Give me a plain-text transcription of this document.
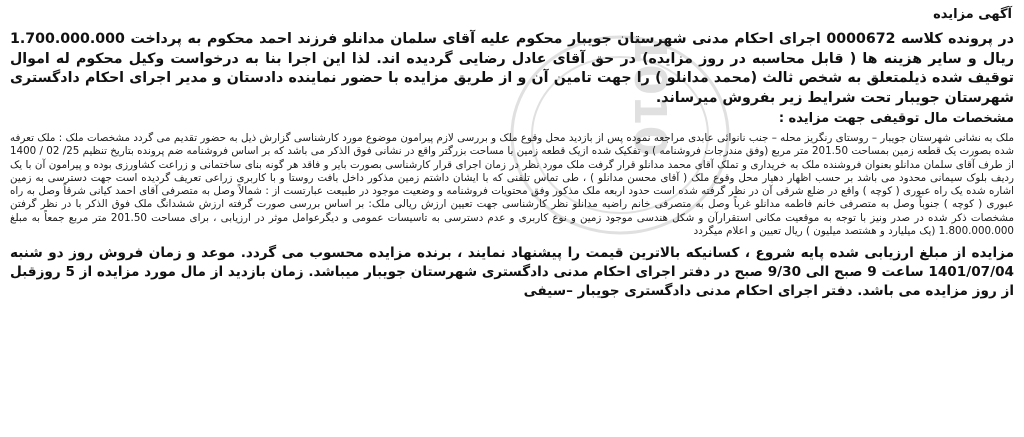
آگهی مزایده

در پرونده کلاسه 0000672 اجرای احکام مدنی شهرستان جویبار محکوم علیه آقای سلمان مدانلو فرزند احمد محکوم به پرداخت 1.700.000.000 ریال و سایر هزینه ها ( قابل محاسبه در روز مزایده) در حق آقای عادل رضایی گردیده اند. لذا این اجرا بنا به درخواست وکیل محکوم له اموال توقیف شده ذیلمتعلق به شخص ثالث (محمد مدانلو ) را جهت تامین آن و از طریق مزایده با حضور نماینده دادستان و مدیر اجرای احکام دادگستری شهرستان جویبار تحت شرایط زیر بفروش میرساند.

مشخصات مال توقیفی جهت مزایده :

ملک به نشانی شهرستان جویبار – روستای رنگریز محله – جنب نانوائی عابدی مراجعه نموده پس از بازدید محل وقوع ملک و بررسی لازم پیرامون موضوع مورد کارشناسی گزارش ذیل به حضور تقدیم می گردد مشخصات ملک : ملک تعرفه شده بصورت یک قطعه زمین بمساحت 201.50 متر مربع (وفق مندرجات فروشنامه ) و تفکیک شده ازیک قطعه زمین با مساحت بزرگتر واقع در نشانی فوق الذکر می باشد که بر اساس فروشنامه ضم پرونده بتاریخ تنظیم 25/ 02 / 1400 از طرف آقای سلمان مدانلو بعنوان فروشنده ملک به خریداری و تملک آقای محمد مدانلو قرار گرفت ملک مورد نظر در زمان اجرای قرار کارشناسی بصورت بایر و فاقد هر گونه بنای ساختمانی و زراعت کشاورزی بوده و پیرامون آن با یک ردیف بلوک سیمانی محدود می باشد بر حسب اظهار دهیار محل وقوع ملک ( آقای محسن مدانلو ) ، طی تماس تلفنی که با ایشان داشتم زمین مذکور داخل بافت روستا و با کاربری زراعی تعریف گردیده است جهت دسترسی به زمین اشاره شده یک راه عبوری ( کوچه ) واقع در ضلع شرقی آن در نظر گرفته شده است حدود اربعه ملک مذکور وفق محتویات فروشنامه و وضعیت موجود در طبیعت عبارتست از : شمالاً وصل به متصرفی آقای احمد کیانی شرقاً وصل به راه عبوری ( کوچه ) جنوباً وصل به متصرفی خانم فاطمه مدانلو غرباً وصل به متصرفی خانم راضیه مدانلو نظر کارشناسی جهت تعیین ارزش ریالی ملک: بر اساس بررسی صورت گرفته ارزش ششدانگ ملک فوق الذکر با در نظر گرفتن مشخصات ذکر شده در صدر ونیز با توجه به موقعیت مکانی استقرارآن و شکل هندسی موجود زمین و نوع کاربری و عدم دسترسی به تاسیسات عمومی و دیگرعوامل موثر در ارزیابی ، برای مساحت 201.50 متر مربع جمعاً به مبلغ 1.800.000.000 (یک میلیارد و هشتصد میلیون ) ریال تعیین و اعلام میگردد

مزایده از مبلغ ارزیابی شده پایه شروع ، کسانیکه بالاترین قیمت را پیشنهاد نمایند ، برنده مزایده محسوب می گردد. موعد و زمان فروش روز دو شنبه 1401/07/04 ساعت 9 صبح الی 9/30 صبح در دفتر اجرای احکام مدنی دادگستری شهرستان جویبار میباشد. زمان بازدید از مال مورد مزایده از 5 روزقبل از روز مزایده می باشد. دفتر اجرای احکام مدنی دادگستری جویبار –سیفی

1010
